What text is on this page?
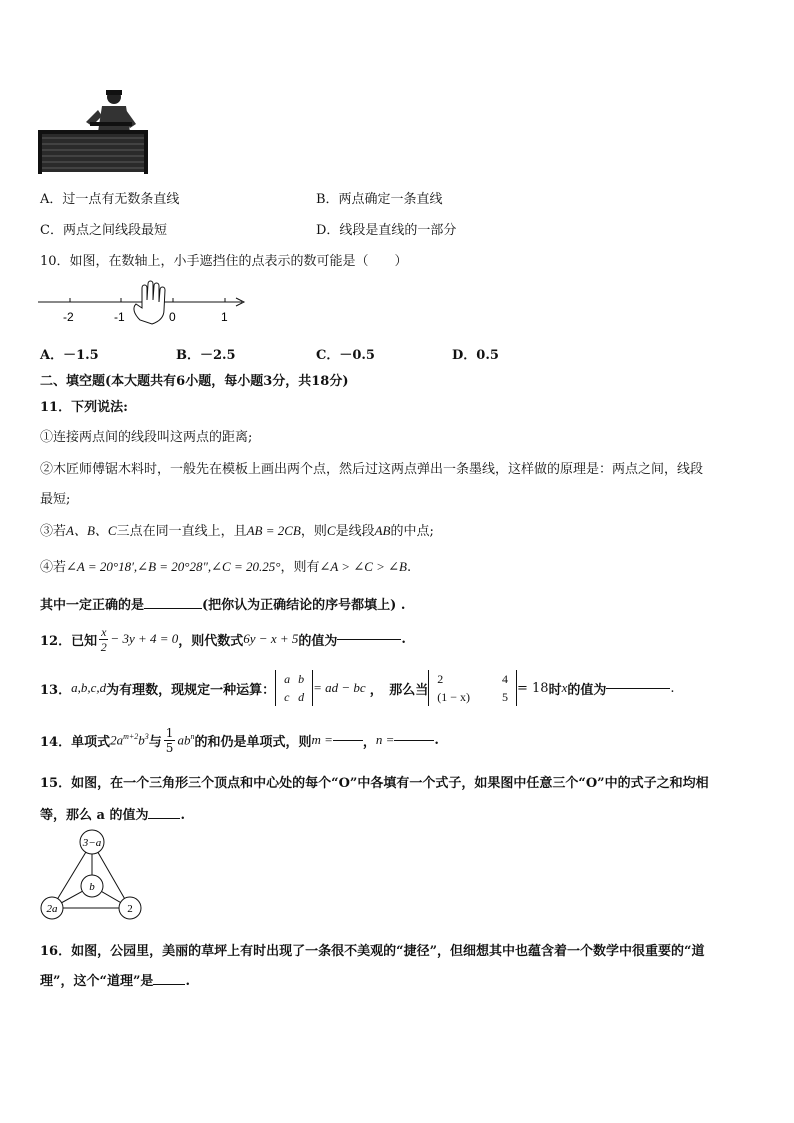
A．过一点有无数条直线	B．两点确定一条直线
C．两点之间线段最短	D．线段是直线的一部分
10．如图，在数轴上，小手遮挡住的点表示的数可能是（　　）
-2	-1	0	1
A．－1.5	B．－2.5	C．－0.5	D．0.5
二、填空题(本大题共有6小题，每小题3分，共18分)
11．下列说法:
①连接两点间的线段叫这两点的距离;
②木匠师傅锯木料时，一般先在模板上画出两个点，然后过这两点弹出一条墨线，这样做的原理是：两点之间，线段
最短;
③若A、B、C三点在同一直线上，且AB = 2CB，则C是线段AB的中点;
④若∠A = 20°18′,∠B = 20°28″,∠C = 20.25°，则有∠A > ∠C > ∠B.
其中一定正确的是	(把你认为正确结论的序号都填上) .
12．已知 $\frac{x}{2} - 3y + 4 = 0$ ，则代数式 6y − x + 5 的值为	.
13． a,b,c,d 为有理数，现规定一种运算：
a	b
c	d
= ad − bc ，　那么当
2	4
(1 − x)	5
= 18 时 x 的值为	.
14．单项式 $2a^{m+2}b^3$ 与 $\frac{1}{5} ab^n$ 的和仍是单项式，则 m = ， n =	.
15．如图，在一个三角形三个顶点和中心处的每个“O”中各填有一个式子，如果图中任意三个“O”中的式子之和均相
等，那么 a 的值为 .
3−a
b
2a	2
16．如图，公园里，美丽的草坪上有时出现了一条很不美观的“捷径”，但细想其中也蕴含着一个数学中很重要的“道
理”，这个“道理”是 .
